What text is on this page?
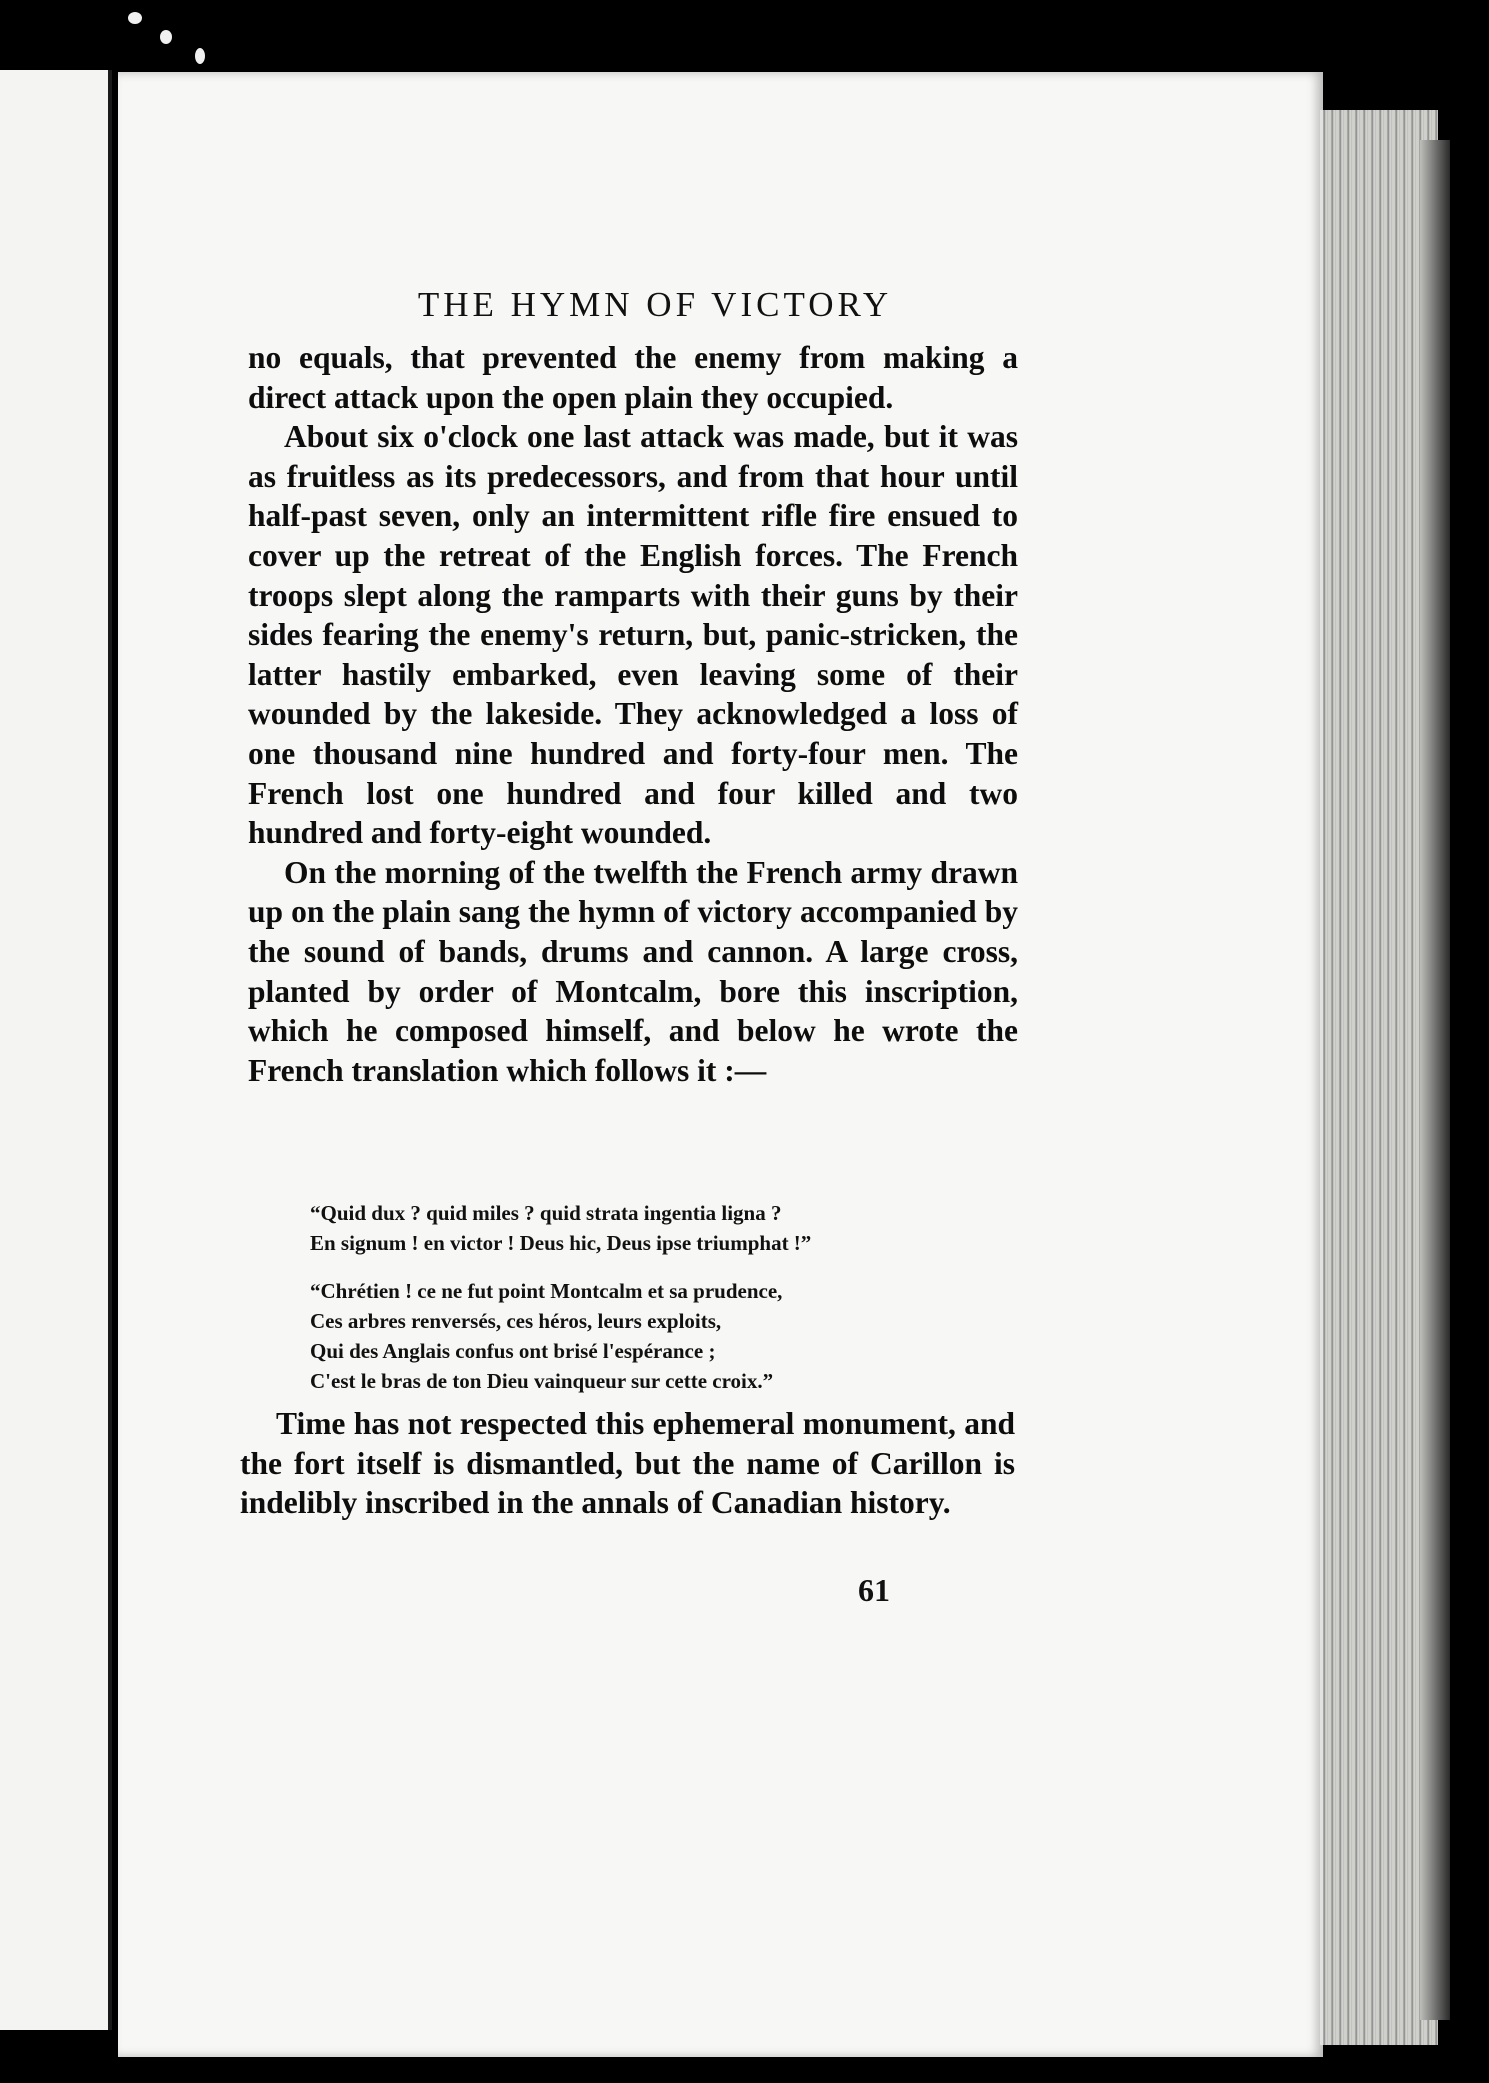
THE HYMN OF VICTORY

no equals, that prevented the enemy from making a direct attack upon the open plain they occupied.

About six o'clock one last attack was made, but it was as fruitless as its predecessors, and from that hour until half-past seven, only an intermittent rifle fire ensued to cover up the retreat of the English forces. The French troops slept along the ramparts with their guns by their sides fearing the enemy's return, but, panic-stricken, the latter hastily embarked, even leaving some of their wounded by the lakeside. They acknowledged a loss of one thousand nine hundred and forty-four men. The French lost one hundred and four killed and two hundred and forty-eight wounded.

On the morning of the twelfth the French army drawn up on the plain sang the hymn of victory accompanied by the sound of bands, drums and cannon. A large cross, planted by order of Montcalm, bore this inscription, which he composed himself, and below he wrote the French translation which follows it :—

“Quid dux ? quid miles ? quid strata ingentia ligna ?
En signum ! en victor ! Deus hic, Deus ipse triumphat !”
“Chrétien ! ce ne fut point Montcalm et sa prudence,
Ces arbres renversés, ces héros, leurs exploits,
Qui des Anglais confus ont brisé l'espérance ;
C'est le bras de ton Dieu vainqueur sur cette croix.”

Time has not respected this ephemeral monument, and the fort itself is dismantled, but the name of Carillon is indelibly inscribed in the annals of Canadian history.

61
